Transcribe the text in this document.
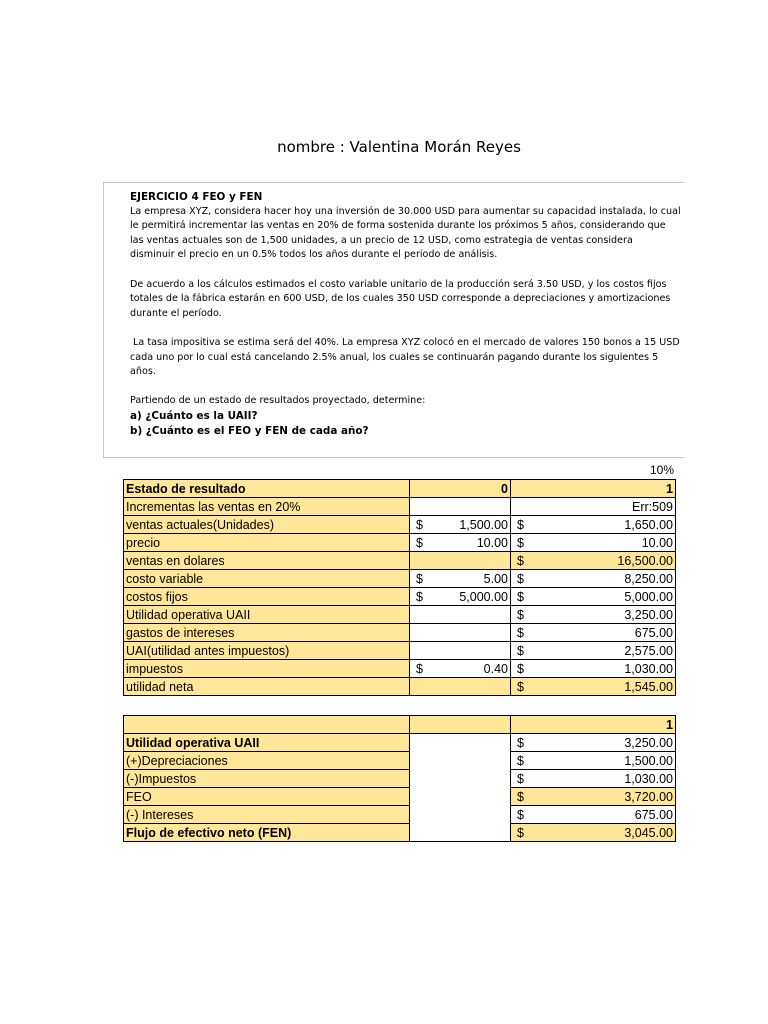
nombre : Valentina Morán Reyes

EJERCICIO 4 FEO y FEN

La empresa XYZ, considera hacer hoy una inversión de 30.000 USD para aumentar su capacidad instalada, lo cual

le permitirá incrementar las ventas en 20% de forma sostenida durante los próximos 5 años, considerando que

las ventas actuales son de 1,500 unidades, a un precio de 12 USD, como estrategia de ventas considera

disminuir el precio en un 0.5% todos los años durante el periodo de análisis.

De acuerdo a los cálculos estimados el costo variable unitario de la producción será 3.50 USD, y los costos fijos

totales de la fábrica estarán en 600 USD, de los cuales 350 USD corresponde a depreciaciones y amortizaciones

durante el período.

La tasa impositiva se estima será del 40%. La empresa XYZ colocó en el mercado de valores 150 bonos a 15 USD

cada uno por lo cual está cancelando 2.5% anual, los cuales se continuarán pagando durante los siguientes 5

años.

Partiendo de un estado de resultados proyectado, determine:

a) ¿Cuánto es la UAII?

b) ¿Cuánto es el FEO y FEN de cada año?

10%
Estado de resultado	0	1
Incrementas las ventas en 20%		Err:509
ventas actuales(Unidades)	$ 1,500.00	$ 1,650.00

precio	$ 10.00	$ 10.00

ventas en dolares		$ 16,500.00

costo variable	$ 5.00	$ 8,250.00

costos fijos	$ 5,000.00	$ 5,000.00

Utilidad operativa UAII		$ 3,250.00

gastos de intereses		$ 675.00

UAI(utilidad antes impuestos)		$ 2,575.00

impuestos	$ 0.40	$ 1,030.00

utilidad neta		$ 1,545.00
		1
Utilidad operativa UAII		$ 3,250.00

(+)Depreciaciones		$ 1,500.00

(-)Impuestos		$ 1,030.00

FEO		$ 3,720.00

(-) Intereses		$ 675.00

Flujo de efectivo neto (FEN)		$ 3,045.00
